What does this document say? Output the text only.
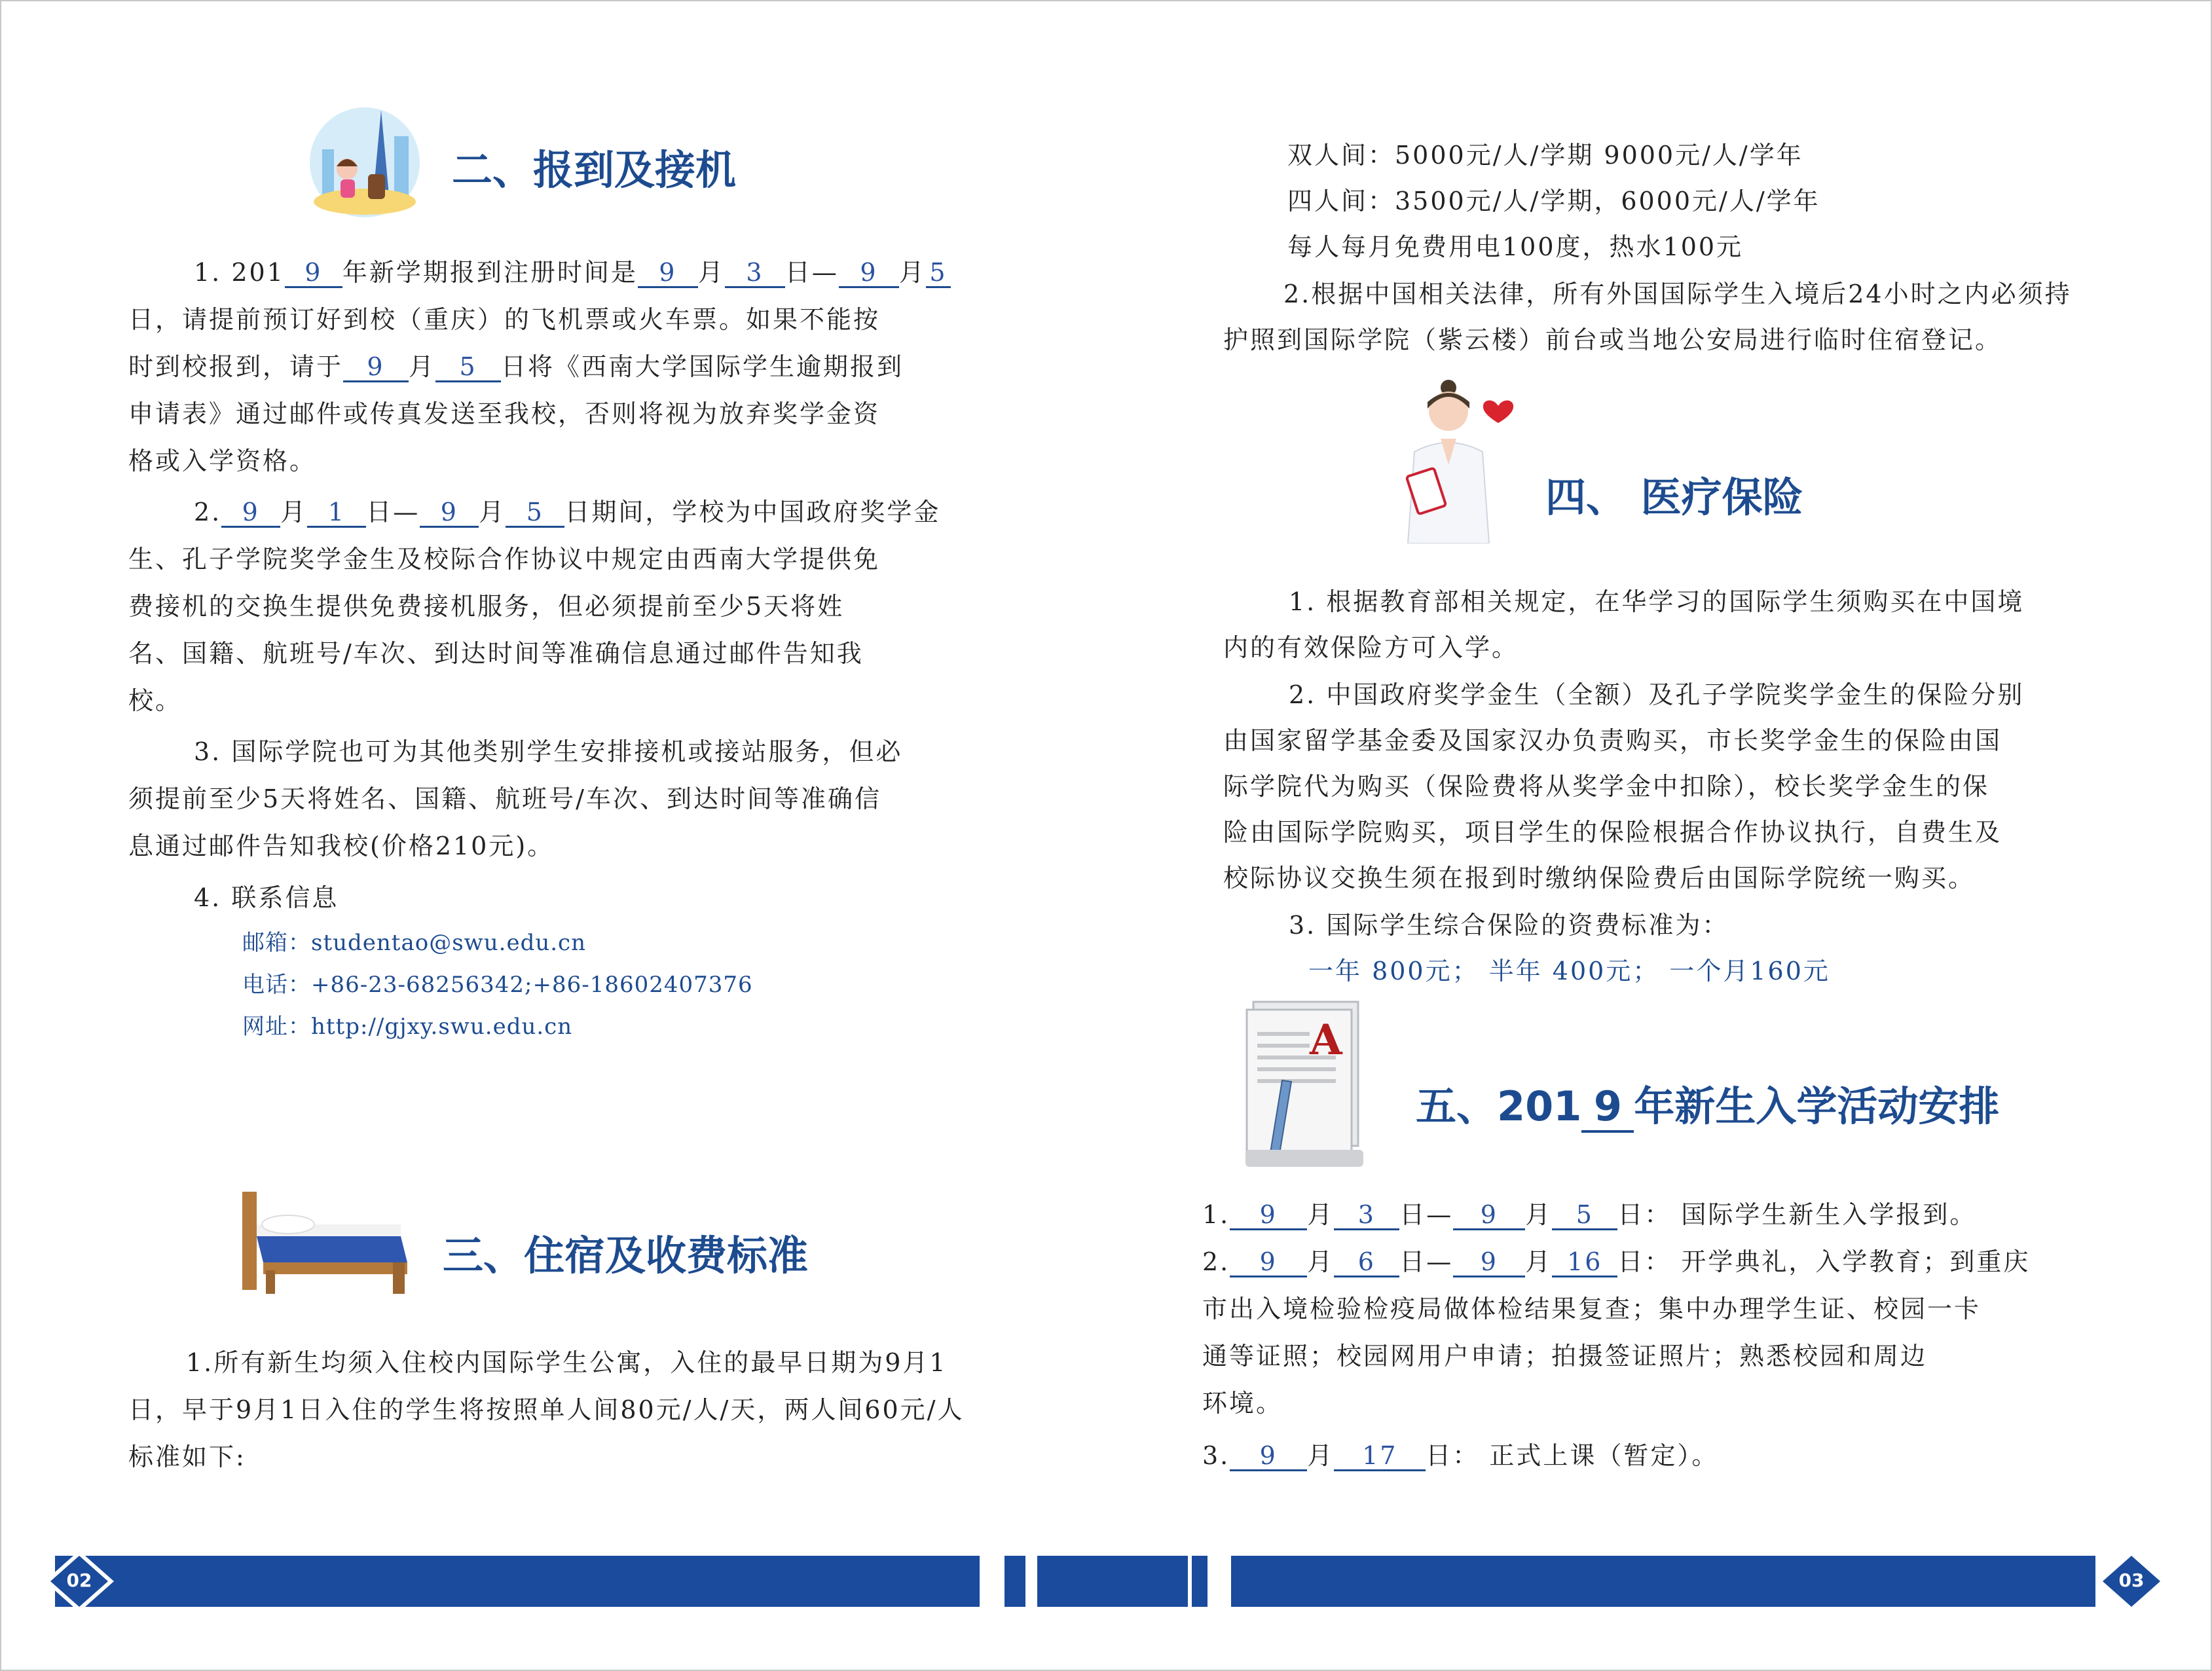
二、报到及接机
1. 201 9 年新学期报到注册时间是 9 月 3 日— 9 月 5
日，请提前预订好到校（重庆）的飞机票或火车票。如果不能按
时到校报到，请于 9 月 5 日将《西南大学国际学生逾期报到
申请表》通过邮件或传真发送至我校，否则将视为放弃奖学金资
格或入学资格。
2. 9 月 1 日— 9 月 5 日期间，学校为中国政府奖学金
生、孔子学院奖学金生及校际合作协议中规定由西南大学提供免
费接机的交换生提供免费接机服务，但必须提前至少5天将姓
名、国籍、航班号/车次、到达时间等准确信息通过邮件告知我
校。
3. 国际学院也可为其他类别学生安排接机或接站服务，但必
须提前至少5天将姓名、国籍、航班号/车次、到达时间等准确信
息通过邮件告知我校(价格210元)。
4. 联系信息
邮箱：studentao@swu.edu.cn
电话：+86-23-68256342;+86-18602407376
网址：http://gjxy.swu.edu.cn
三、住宿及收费标准
1.所有新生均须入住校内国际学生公寓，入住的最早日期为9月1
日，早于9月1日入住的学生将按照单人间80元/人/天，两人间60元/人
标准如下:
双人间：5000元/人/学期 9000元/人/学年
四人间：3500元/人/学期，6000元/人/学年
每人每月免费用电100度，热水100元
2.根据中国相关法律，所有外国国际学生入境后24小时之内必须持
护照到国际学院（紫云楼）前台或当地公安局进行临时住宿登记。
四、 医疗保险
1. 根据教育部相关规定，在华学习的国际学生须购买在中国境
内的有效保险方可入学。
2. 中国政府奖学金生（全额）及孔子学院奖学金生的保险分别
由国家留学基金委及国家汉办负责购买，市长奖学金生的保险由国
际学院代为购买（保险费将从奖学金中扣除），校长奖学金生的保
险由国际学院购买，项目学生的保险根据合作协议执行，自费生及
校际协议交换生须在报到时缴纳保险费后由国际学院统一购买。
3. 国际学生综合保险的资费标准为：
一年 800元； 半年 400元； 一个月160元
A
五、201 9 年新生入学活动安排
1. 9 月 3 日— 9 月 5 日： 国际学生新生入学报到。
2. 9 月 6 日— 9 月 16 日： 开学典礼，入学教育；到重庆
市出入境检验检疫局做体检结果复查；集中办理学生证、校园一卡
通等证照；校园网用户申请；拍摄签证照片；熟悉校园和周边
环境。
3. 9 月 17 日： 正式上课（暂定）。
02	03
